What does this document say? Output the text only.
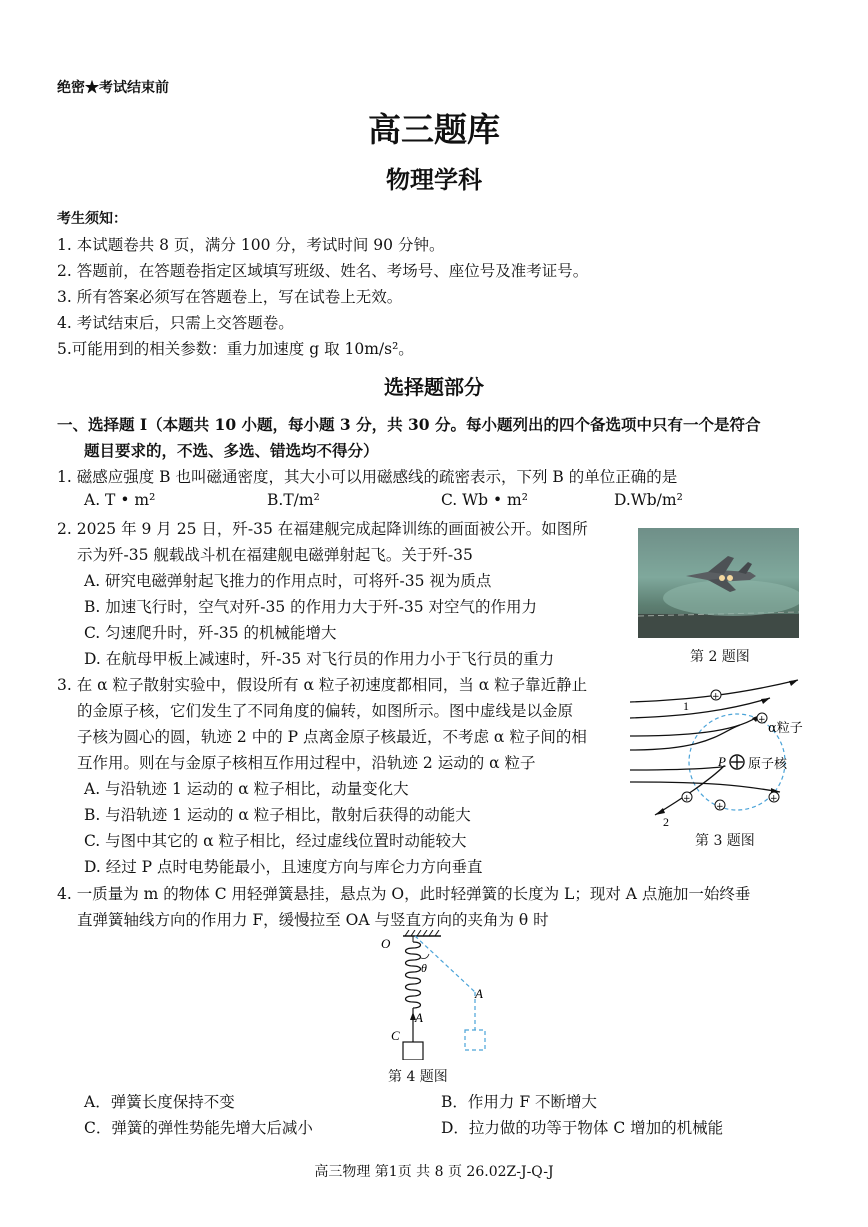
绝密★考试结束前
高三题库
物理学科
考生须知：
1. 本试题卷共 8 页，满分 100 分，考试时间 90 分钟。
2. 答题前，在答题卷指定区域填写班级、姓名、考场号、座位号及准考证号。
3. 所有答案必须写在答题卷上，写在试卷上无效。
4. 考试结束后，只需上交答题卷。
5.可能用到的相关参数：重力加速度 g 取 10m/s²。
选择题部分
一、选择题 I（本题共 10 小题，每小题 3 分，共 30 分。每小题列出的四个备选项中只有一个是符合
题目要求的，不选、多选、错选均不得分）
1. 磁感应强度 B 也叫磁通密度，其大小可以用磁感线的疏密表示，下列 B 的单位正确的是
A. T • m²	B.T/m²	C. Wb • m²	D.Wb/m²
2. 2025 年 9 月 25 日，歼-35 在福建舰完成起降训练的画面被公开。如图所
示为歼-35 舰载战斗机在福建舰电磁弹射起飞。关于歼-35
A. 研究电磁弹射起飞推力的作用点时，可将歼-35 视为质点
B. 加速飞行时，空气对歼-35 的作用力大于歼-35 对空气的作用力
C. 匀速爬升时，歼-35 的机械能增大
D. 在航母甲板上减速时，歼-35 对飞行员的作用力小于飞行员的重力	第 2 题图
3. 在 α 粒子散射实验中，假设所有 α 粒子初速度都相同，当 α 粒子靠近静止
的金原子核，它们发生了不同角度的偏转，如图所示。图中虚线是以金原
子核为圆心的圆，轨迹 2 中的 P 点离金原子核最近，不考虑 α 粒子间的相
互作用。则在与金原子核相互作用过程中，沿轨迹 2 运动的 α 粒子
A. 与沿轨迹 1 运动的 α 粒子相比，动量变化大
B. 与沿轨迹 1 运动的 α 粒子相比，散射后获得的动能大
C. 与图中其它的 α 粒子相比，经过虚线位置时动能较大
D. 经过 P 点时电势能最小，且速度方向与库仑力方向垂直
+
+
+
+
+
1
2
P
α粒子
原子核
第 3 题图
4. 一质量为 m 的物体 C 用轻弹簧悬挂，悬点为 O，此时轻弹簧的长度为 L；现对 A 点施加一始终垂
直弹簧轴线方向的作用力 F，缓慢拉至 OA 与竖直方向的夹角为 θ 时
O
θ
A
A
C
第 4 题图
A．弹簧长度保持不变	B．作用力 F 不断增大
C．弹簧的弹性势能先增大后减小	D．拉力做的功等于物体 C 增加的机械能
高三物理 第1页 共 8 页 26.02Z-J-Q-J
